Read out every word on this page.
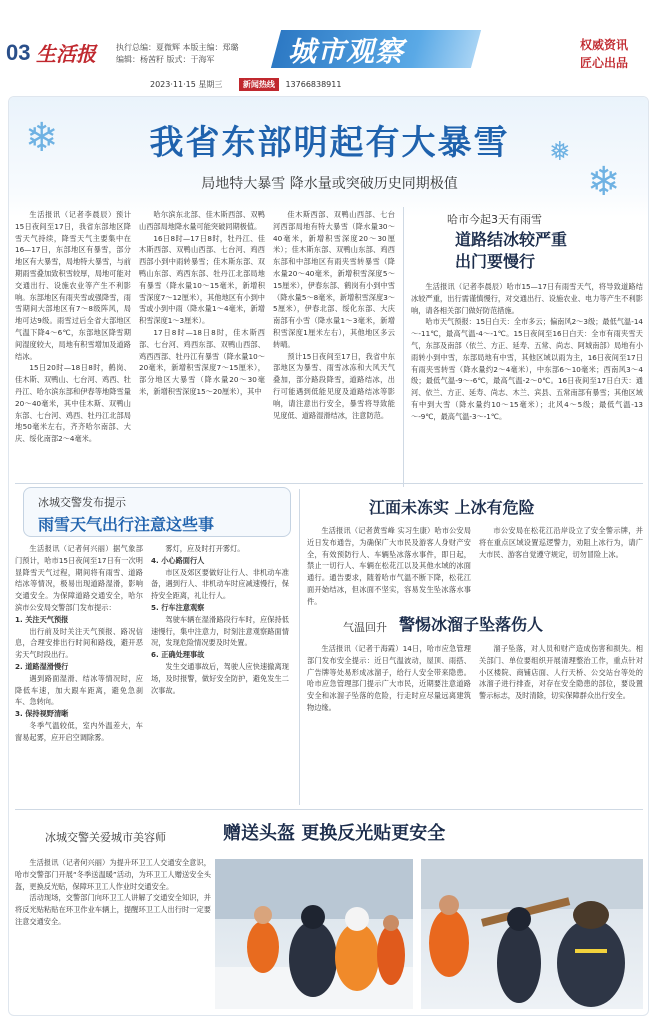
03 生活报	执行总编：夏微辉 本版主编：郑璐
编辑：杨茜籽 版式：于海军	城市观察	权威资讯
匠心出品
2023·11·15 星期三	新闻热线 13766838911
❄	❅
❄
我省东部明起有大暴雪
局地特大暴雪 降水量或突破历史同期极值

生活报讯（记者李晨辰）预计15日夜间至17日，我省东部地区降雪天气持续，降雪天气主要集中在16—17日，东部地区有暴雪，部分地区有大暴雪，局地特大暴雪，与前期雨雪叠加致积雪较厚，局地可能对交通出行、设施农业等产生不利影响。东部地区有雨夹雪或强降雪，雨雪期间大部地区有7～8级阵风，局地可达9级。雨雪过后全省大部地区气温下降4～6℃，东部地区降雪期间湿度较大，局地有积雪增加及道路结冰。

15日20时—18日8时，鹤岗、佳木斯、双鸭山、七台河、鸡西、牡丹江、哈尔滨东部和伊春等地降雪量20～40毫米，其中佳木斯、双鸭山东部、七台河、鸡西、牡丹江北部局地50毫米左右，齐齐哈尔南部、大庆、绥化南部2～4毫米。

哈尔滨东北部、佳木斯西部、双鸭山西部局地降水量可能突破同期极值。

16日8时—17日8时，牡丹江、佳木斯西部、双鸭山西部、七台河、鸡西西部小到中雨转暴雪；佳木斯东部、双鸭山东部、鸡西东部、牡丹江北部局地有暴雪（降水量10～15毫米，新增积雪深度7～12厘米），其他地区有小到中雪或小到中雨（降水量1～4毫米，新增积雪深度1～3厘米）。

17日8时—18日8时，佳木斯西部、七台河、鸡西东部、双鸭山西部、鸡西西部、牡丹江有暴雪（降水量10～20毫米，新增积雪深度7～15厘米），部分地区大暴雪（降水量20～30毫米，新增积雪深度15～20厘米），其中

佳木斯西部、双鸭山西部、七台河西部局地有特大暴雪（降水量30～40毫米，新增积雪深度20～30厘米）；佳木斯东部、双鸭山东部、鸡西东部和中部地区有雨夹雪转暴雪（降水量20～40毫米，新增积雪深度5～15厘米），伊春东部、鹤岗有小到中雪（降水量5～8毫米，新增积雪深度3～5厘米），伊春北部、绥化东部、大庆南部有小雪（降水量1～3毫米，新增积雪深度1厘米左右），其他地区多云转晴。

预计15日夜间至17日，我省中东部地区为暴雪、雨雪冰冻和大风天气叠加，部分路段降雪，道路结冰，出行可能遇到低能见度及道路结冰等影响，请注意出行安全，暴雪将导致能见度低、道路湿滑结冰，注意防范。

哈市今起3天有雨雪
道路结冰较严重
出门要慢行

生活报讯（记者李晨辰）哈市15—17日有雨雪天气，将导致道路结冰较严重，出行需谨慎慢行，对交通出行、设施农业、电力等产生不利影响，请各相关部门做好防范措施。

哈市天气预报：15日白天：全市多云；偏南风2～3级；最低气温-14～-11℃，最高气温-4～-1℃。15日夜间至16日白天：全市有雨夹雪天气，东部及南部（依兰、方正、延寿、五常、尚志、阿城南部）局地有小雨转小到中雪，东部局地有中雪，其他区域以雨为主，16日夜间至17日有雨夹雪转雪（降水量约2～4毫米），中东部6～10毫米；西南风3～4级；最低气温-9～-6℃，最高气温-2～0℃。16日夜间至17日白天：通河、依兰、方正、延寿、尚志、木兰、宾县、五常南部有暴雪；其他区域有中到大雪（降水量约10～15毫米）；北风4～5级；最低气温-13～-9℃，最高气温-3～-1℃。

冰城交警发布提示
雨雪天气出行注意这些事

生活报讯（记者何兴丽）据气象部门预计，哈市15日夜间至17日有一次明显降雪天气过程，期间将有雨雪、道路结冰等情况，极易出现道路湿滑，影响交通安全。为保障道路交通安全，哈尔滨市公安局交警部门发布提示：

1. 关注天气预报

出行前及时关注天气预报、路况信息，合理安排出行时间和路线，避开恶劣天气时段出行。

2. 道路湿滑慢行

遇到路面湿滑、结冰等情况时，应降低车速，加大跟车距离，避免急刹车、急转向。

3. 保持视野清晰

冬季气温较低，室内外温差大，车窗易起雾，应开启空调除雾。

雾灯，应及时打开雾灯。

4. 小心路面行人

市区及郊区要做好让行人、非机动车准备，遇到行人、非机动车时应减速慢行，保持安全距离，礼让行人。

5. 行车注意观察

驾驶车辆在湿滑路段行车时，应保持低速慢行，集中注意力，时刻注意观察路面情况，发现危险情况要及时处置。

6. 正确处理事故

发生交通事故后，驾驶人应快速撤离现场，及时报警，做好安全防护，避免发生二次事故。

江面未冻实 上冰有危险

生活报讯（记者黄雪峰 实习生康）哈市公安局近日发布通告，为确保广大市民及游客人身财产安全，有效预防行人、车辆坠冰落水事件，即日起，禁止一切行人、车辆在松花江以及其他水域的冰面通行。通告要求，随着哈市气温不断下降，松花江面开始结冰，但冰面不坚实，容易发生坠冰落水事件。

市公安局在松花江沿岸设立了安全警示牌，并将在重点区域设置巡逻警力，劝阻上冰行为，请广大市民、游客自觉遵守规定，切勿冒险上冰。

气温回升 警惕冰溜子坠落伤人

生活报讯（记者于海霞）14日，哈市应急管理部门发布安全提示：近日气温波动，屋顶、雨搭、广告牌等处易形成冰溜子，给行人安全带来隐患。哈市应急管理部门提示广大市民，近期要注意道路安全和冰溜子坠落的危险，行走时应尽量远离建筑物边缘。

溜子坠落，对人员和财产造成伤害和损失。相关部门、单位要组织开展清理整治工作，重点针对小区楼院、商铺店面、人行天桥、公交站台等处的冰溜子进行排查，对存在安全隐患的部位，要设置警示标志，及时清除，切实保障群众出行安全。

冰城交警关爱城市美容师	赠送头盔 更换反光贴更安全

生活报讯（记者何兴丽）为提升环卫工人交通安全意识，哈市交警部门开展“冬季送温暖”活动，为环卫工人赠送安全头盔，更换反光贴，保障环卫工人作业时交通安全。

活动现场，交警部门向环卫工人讲解了交通安全知识，并将反光贴粘贴在环卫作业车辆上，提醒环卫工人出行时一定要注意交通安全。
